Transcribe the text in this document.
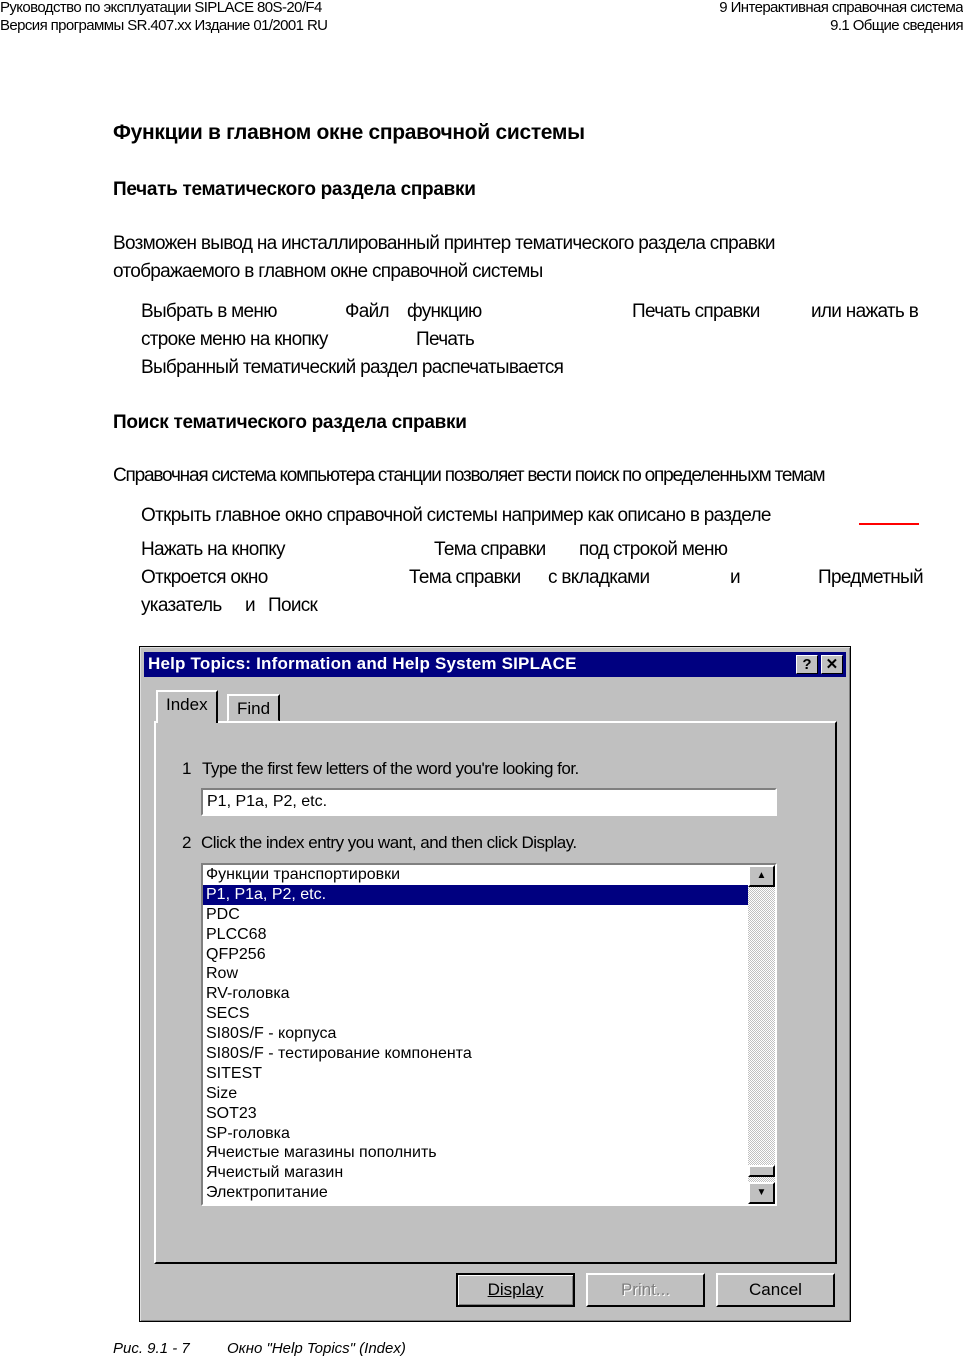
Руководство по эксплуатации SIPLACE 80S-20/F4
Версия программы SR.407.xx Издание 01/2001 RU
9 Интерактивная справочная система
9.1 Общие сведения
Функции в главном окне справочной системы
Печать тематического раздела справки
Возможен вывод на инсталлированный принтер тематического раздела справки
отображаемого в главном окне справочной системы
Выбрать в меню	Файл функцию	Печать справки	или нажать в
строке меню на кнопку	Печать
Выбранный тематический раздел распечатывается
Поиск тематического раздела справки
Справочная система компьютера станции позволяет вести поиск по определенныхм темам
Открыть главное окно справочной системы например как описано в разделе
Нажать на кнопку	Тема справки под строкой меню
Откроется окно	Тема справки с вкладками	и	Предметный
указатель и Поиск
Help Topics: Information and Help System SIPLACE	? ✕
Index	Find
1 Type the first few letters of the word you're looking for.
P1, P1a, P2, etc.
2 Click the index entry you want, and then click Display.
Функции транспортировки
P1, P1a, P2, etc.
PDC
PLCC68
QFP256
Row
RV-головка
SECS
SI80S/F - корпуса
SI80S/F - тестирование компонента
SITEST
Size
SOT23
SP-головка
Ячеистые магазины пополнить
Ячеистый магазин
Электропитание
▲
▼
Display	Print...	Cancel
Рис. 9.1 - 7 Окно "Help Topics" (Index)
